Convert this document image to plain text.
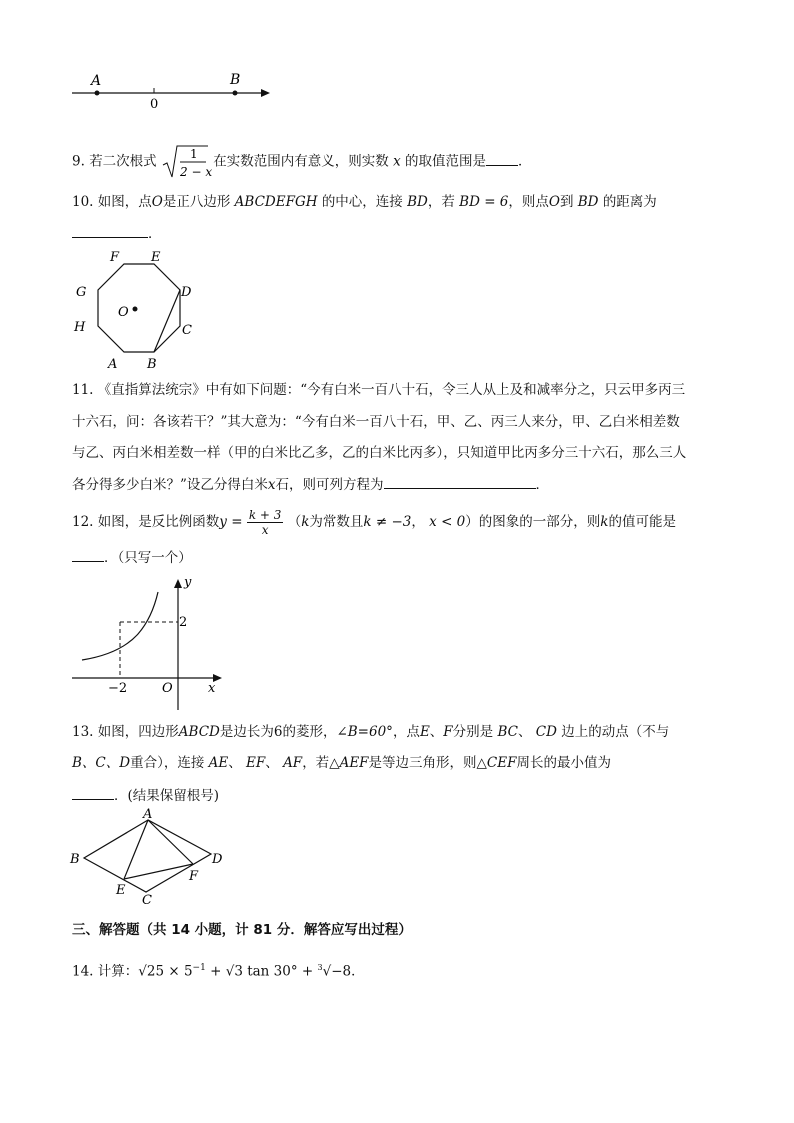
A	B
0
9. 若二次根式	1
2 − x
在实数范围内有意义，则实数 x 的取值范围是 ．
10. 如图，点O是正八边形 ABCDEFGH 的中心，连接 BD，若 BD = 6，则点O到 BD 的距离为
．
F E
G	D
O
H	C
A B
11. 《直指算法统宗》中有如下问题：“今有白米一百八十石，令三人从上及和减率分之，只云甲多丙三
十六石，问：各该若干？”其大意为：“今有白米一百八十石，甲、乙、丙三人来分，甲、乙白米相差数
与乙、丙白米相差数一样（甲的白米比乙多，乙的白米比丙多），只知道甲比丙多分三十六石，那么三人
各分得多少白米？”设乙分得白米x石，则可列方程为	．
12. 如图，是反比例函数$y = \frac{k + 3}{x} (k$为常数且k ≠ −3， x < 0）的图象的一部分，则k的值可能是
．（只写一个）
y
x
O
2
−2
13. 如图，四边形ABCD是边长为6的菱形，∠B=60°，点E、F分别是 BC、 CD 边上的动点（不与
B、C、D重合），连接 AE、 EF、 AF，若△AEF是等边三角形，则△CEF周长的最小值为
．(结果保留根号)
A
B	D
E
F
C
三、解答题（共 14 小题，计 81 分．解答应写出过程）
14. 计算：$√25 \times 5^{-1} + √3$ tan 30° + $^3$√−8．
